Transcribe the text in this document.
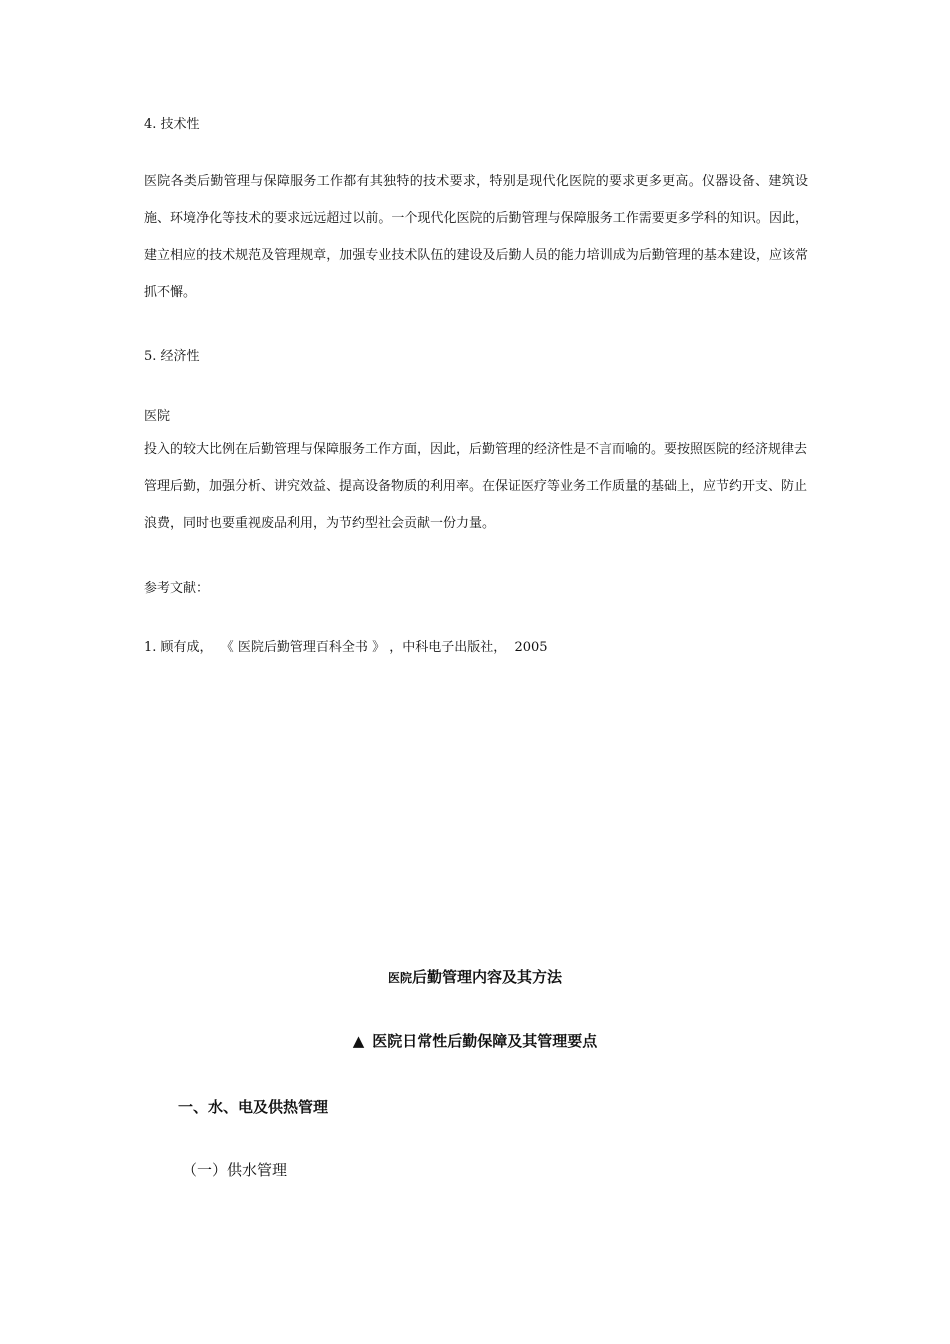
4. 技术性

医院各类后勤管理与保障服务工作都有其独特的技术要求，特别是现代化医院的要求更多更高。仪器设备、建筑设施、环境净化等技术的要求远远超过以前。一个现代化医院的后勤管理与保障服务工作需要更多学科的知识。因此，建立相应的技术规范及管理规章，加强专业技术队伍的建设及后勤人员的能力培训成为后勤管理的基本建设，应该常抓不懈。

5. 经济性

医院

投入的较大比例在后勤管理与保障服务工作方面，因此，后勤管理的经济性是不言而喻的。要按照医院的经济规律去管理后勤，加强分析、讲究效益、提高设备物质的利用率。在保证医疗等业务工作质量的基础上，应节约开支、防止浪费，同时也要重视废品利用，为节约型社会贡献一份力量。

参考文献：

1. 顾有成，  《 医院后勤管理百科全书 》 ，中科电子出版社，  2005

医院后勤管理内容及其方法

▲ 医院日常性后勤保障及其管理要点

一、水、电及供热管理

（一）供水管理
